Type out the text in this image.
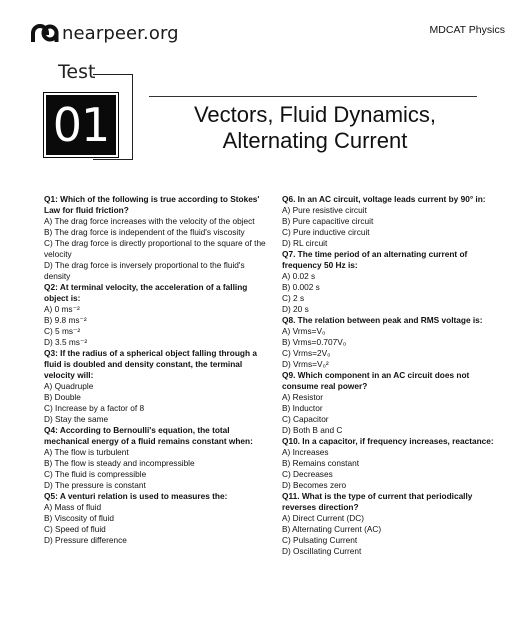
nearpeer.org	MDCAT Physics
Test
01	Vectors, Fluid Dynamics,
Alternating Current
Q1: Which of the following is true according to Stokes' Law for fluid friction?
A) The drag force increases with the velocity of the object
B) The drag force is independent of the fluid's viscosity
C) The drag force is directly proportional to the square of the velocity
D) The drag force is inversely proportional to the fluid's density
Q2: At terminal velocity, the acceleration of a falling object is:
A) 0 ms⁻²
B) 9.8 ms⁻²
C) 5 ms⁻²
D) 3.5 ms⁻²
Q3: If the radius of a spherical object falling through a fluid is doubled and density constant, the terminal velocity will:
A) Quadruple
B) Double
C) Increase by a factor of 8
D) Stay the same
Q4: According to Bernoulli's equation, the total mechanical energy of a fluid remains constant when:
A) The flow is turbulent
B) The flow is steady and incompressible
C) The fluid is compressible
D) The pressure is constant
Q5: A venturi relation is used to measures the:
A) Mass of fluid
B) Viscosity of fluid
C) Speed of fluid
D) Pressure difference
Q6. In an AC circuit, voltage leads current by 90° in:
A) Pure resistive circuit
B) Pure capacitive circuit
C) Pure inductive circuit
D) RL circuit
Q7. The time period of an alternating current of frequency 50 Hz is:
A) 0.02 s
B) 0.002 s
C) 2 s
D) 20 s
Q8. The relation between peak and RMS voltage is:
A) Vrms=V₀
B) Vrms=0.707V₀
C) Vrms=2V₀
D) Vrms=V₀²
Q9. Which component in an AC circuit does not consume real power?
A) Resistor
B) Inductor
C) Capacitor
D) Both B and C
Q10. In a capacitor, if frequency increases, reactance:
A) Increases
B) Remains constant
C) Decreases
D) Becomes zero
Q11. What is the type of current that periodically reverses direction?
A) Direct Current (DC)
B) Alternating Current (AC)
C) Pulsating Current
D) Oscillating Current
